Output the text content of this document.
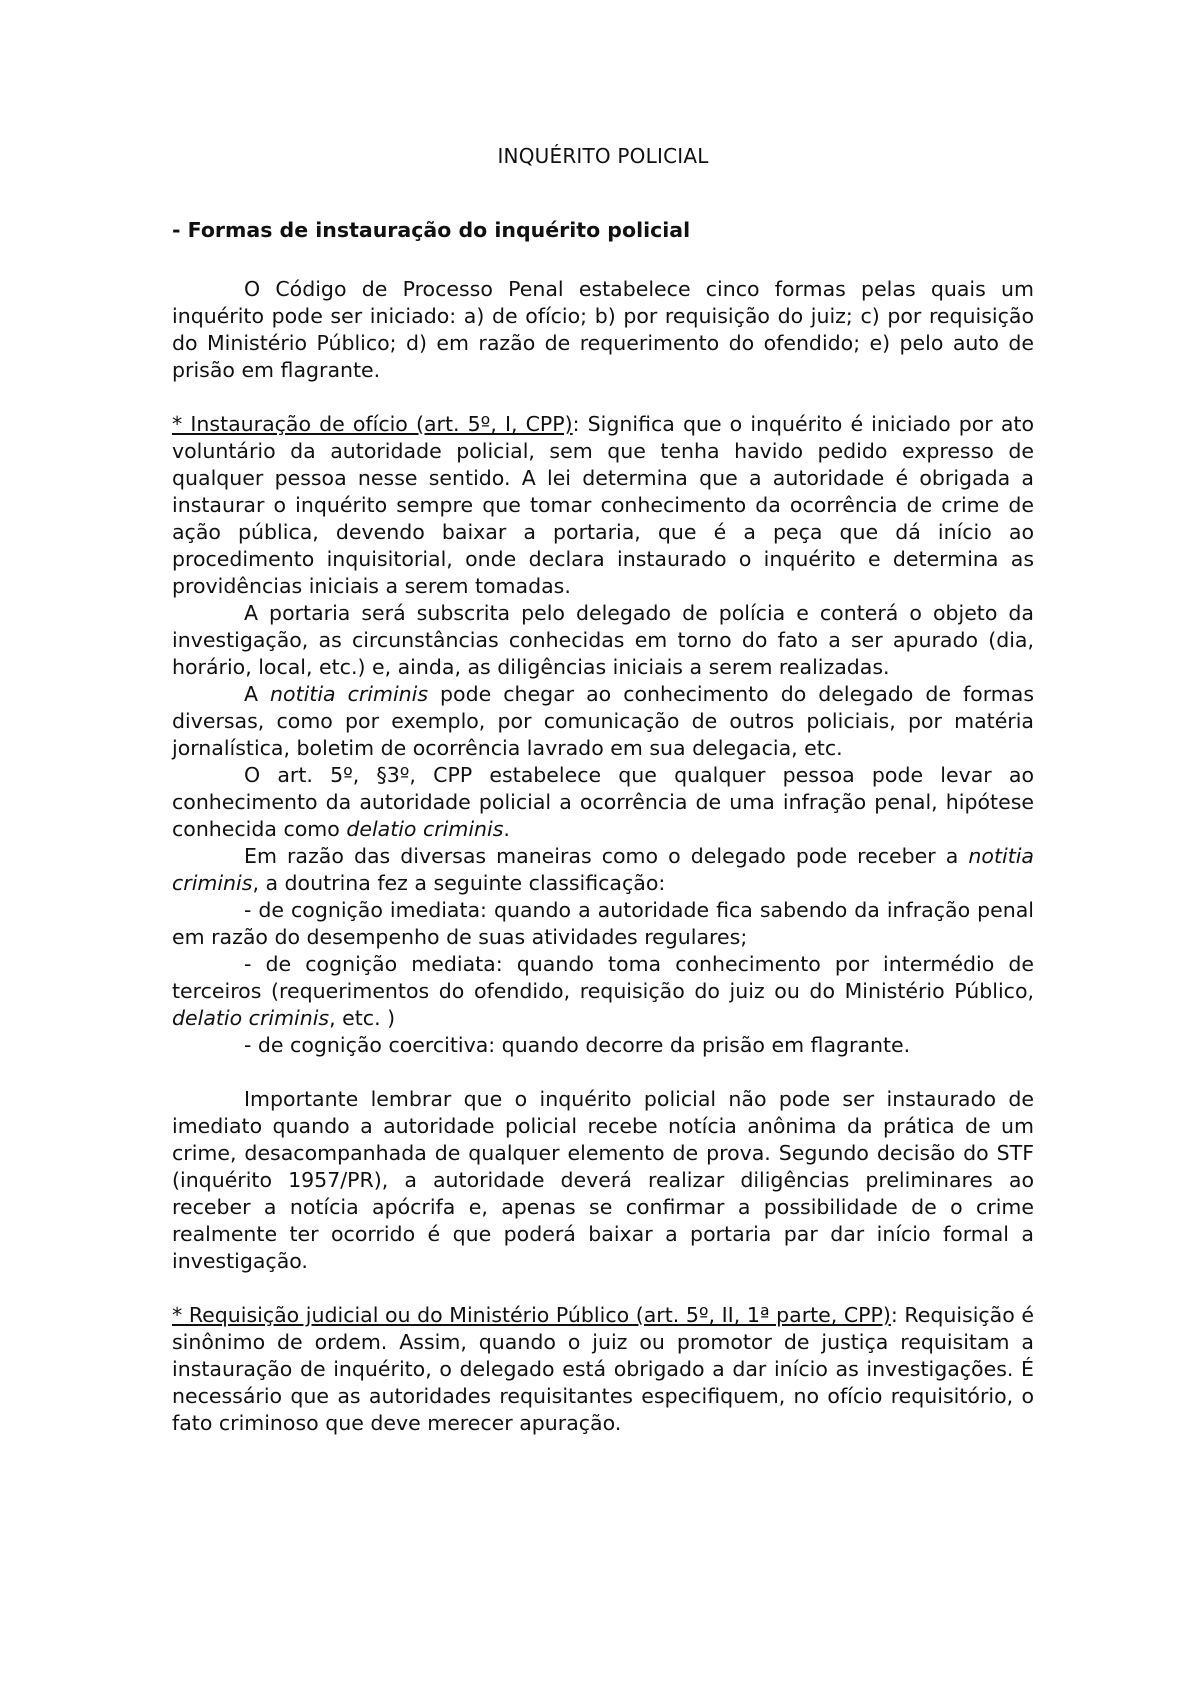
INQUÉRITO POLICIAL
- Formas de instauração do inquérito policial

O Código de Processo Penal estabelece cinco formas pelas quais um inquérito pode ser iniciado: a) de ofício; b) por requisição do juiz; c) por requisição do Ministério Público; d) em razão de requerimento do ofendido; e) pelo auto de prisão em flagrante.

* Instauração de ofício (art. 5º, I, CPP): Significa que o inquérito é iniciado por ato voluntário da autoridade policial, sem que tenha havido pedido expresso de qualquer pessoa nesse sentido. A lei determina que a autoridade é obrigada a instaurar o inquérito sempre que tomar conhecimento da ocorrência de crime de ação pública, devendo baixar a portaria, que é a peça que dá início ao procedimento inquisitorial, onde declara instaurado o inquérito e determina as providências iniciais a serem tomadas.

A portaria será subscrita pelo delegado de polícia e conterá o objeto da investigação, as circunstâncias conhecidas em torno do fato a ser apurado (dia, horário, local, etc.) e, ainda, as diligências iniciais a serem realizadas.

A notitia criminis pode chegar ao conhecimento do delegado de formas diversas, como por exemplo, por comunicação de outros policiais, por matéria jornalística, boletim de ocorrência lavrado em sua delegacia, etc.

O art. 5º, §3º, CPP estabelece que qualquer pessoa pode levar ao conhecimento da autoridade policial a ocorrência de uma infração penal, hipótese conhecida como delatio criminis.

Em razão das diversas maneiras como o delegado pode receber a notitia criminis, a doutrina fez a seguinte classificação:

- de cognição imediata: quando a autoridade fica sabendo da infração penal em razão do desempenho de suas atividades regulares;

- de cognição mediata: quando toma conhecimento por intermédio de terceiros (requerimentos do ofendido, requisição do juiz ou do Ministério Público, delatio criminis, etc. )

- de cognição coercitiva: quando decorre da prisão em flagrante.

Importante lembrar que o inquérito policial não pode ser instaurado de imediato quando a autoridade policial recebe notícia anônima da prática de um crime, desacompanhada de qualquer elemento de prova. Segundo decisão do STF (inquérito 1957/PR), a autoridade deverá realizar diligências preliminares ao receber a notícia apócrifa e, apenas se confirmar a possibilidade de o crime realmente ter ocorrido é que poderá baixar a portaria par dar início formal a investigação.

* Requisição judicial ou do Ministério Público (art. 5º, II, 1ª parte, CPP): Requisição é sinônimo de ordem. Assim, quando o juiz ou promotor de justiça requisitam a instauração de inquérito, o delegado está obrigado a dar início as investigações. É necessário que as autoridades requisitantes especifiquem, no ofício requisitório, o fato criminoso que deve merecer apuração.
